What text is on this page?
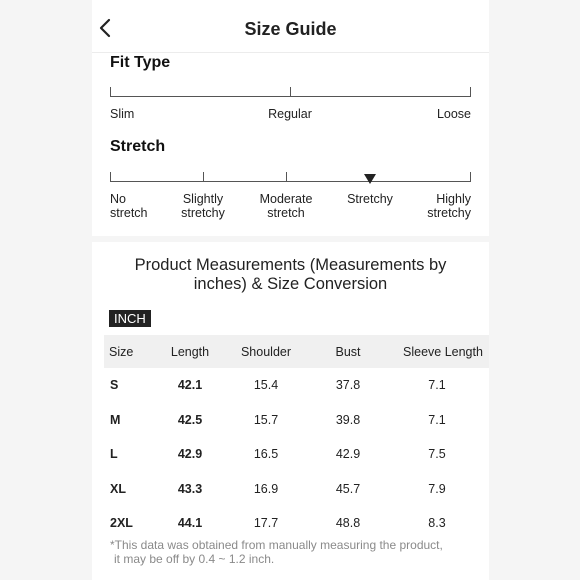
Size Guide
Fit Type
Slim	Regular	Loose
Stretch
No
stretch
Slightly
stretchy
Moderate
stretch
Stretchy	Highly
stretchy
Product Measurements (Measurements by inches) & Size Conversion
INCH
Size	Length	Shoulder	Bust	Sleeve Length
S	42.1	15.4	37.8	7.1
M	42.5	15.7	39.8	7.1
L	42.9	16.5	42.9	7.5
XL	43.3	16.9	45.7	7.9
2XL	44.1	17.7	48.8	8.3
*This data was obtained from manually measuring the product,
it may be off by 0.4 ~ 1.2 inch.
